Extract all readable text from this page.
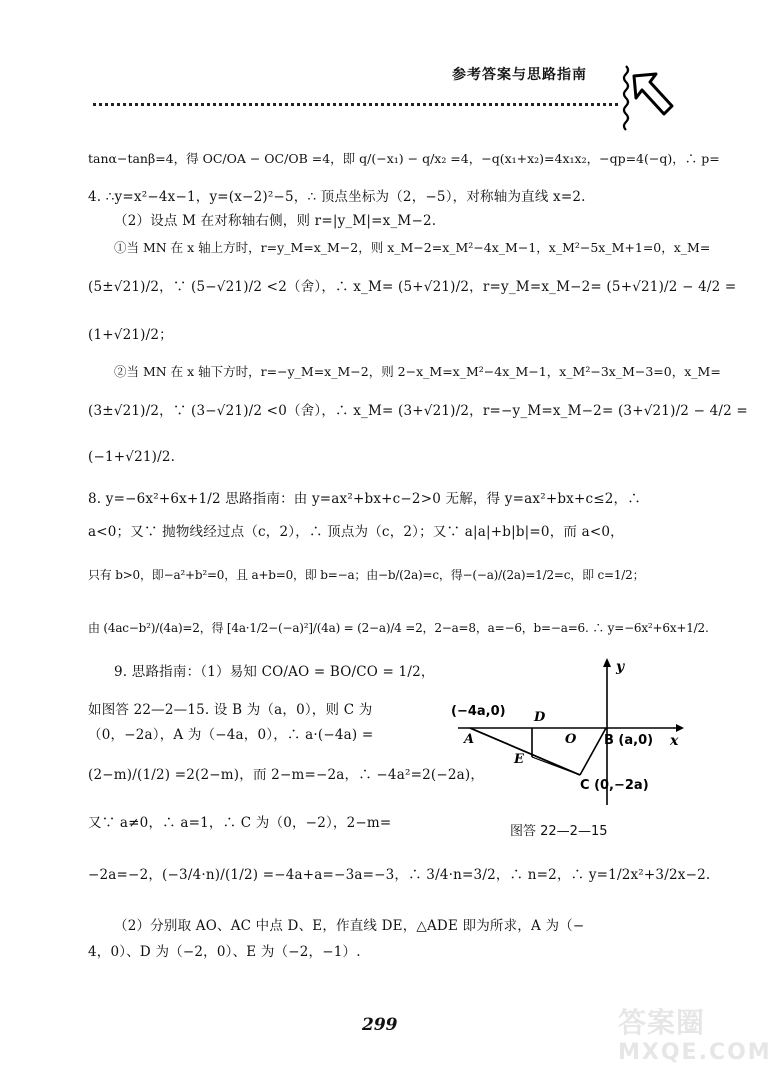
参考答案与思路指南
tanα−tanβ=4，得 OC/OA − OC/OB =4，即 q/(−x₁) − q/x₂ =4，−q(x₁+x₂)=4x₁x₂，−qp=4(−q)，∴ p=
4. ∴y=x²−4x−1，y=(x−2)²−5，∴ 顶点坐标为（2，−5），对称轴为直线 x=2.
（2）设点 M 在对称轴右侧，则 r=|y_M|=x_M−2.
①当 MN 在 x 轴上方时，r=y_M=x_M−2，则 x_M−2=x_M²−4x_M−1，x_M²−5x_M+1=0，x_M=
(5±√21)/2，∵ (5−√21)/2 <2（舍），∴ x_M= (5+√21)/2，r=y_M=x_M−2= (5+√21)/2 − 4/2 =
(1+√21)/2；
②当 MN 在 x 轴下方时，r=−y_M=x_M−2，则 2−x_M=x_M²−4x_M−1，x_M²−3x_M−3=0，x_M=
(3±√21)/2，∵ (3−√21)/2 <0（舍），∴ x_M= (3+√21)/2，r=−y_M=x_M−2= (3+√21)/2 − 4/2 =
(−1+√21)/2.
8. y=−6x²+6x+1/2 思路指南：由 y=ax²+bx+c−2>0 无解，得 y=ax²+bx+c≤2，∴
a<0；又∵ 抛物线经过点（c，2），∴ 顶点为（c，2）；又∵ a|a|+b|b|=0，而 a<0，
只有 b>0，即−a²+b²=0，且 a+b=0，即 b=−a；由−b/(2a)=c，得−(−a)/(2a)=1/2=c，即 c=1/2；
由 (4ac−b²)/(4a)=2，得 [4a·1/2−(−a)²]/(4a) = (2−a)/4 =2，2−a=8，a=−6，b=−a=6. ∴ y=−6x²+6x+1/2.
9. 思路指南：（1）易知 CO/AO = BO/CO = 1/2，
如图答 22—2—15. 设 B 为（a，0），则 C 为
（0，−2a），A 为（−4a，0），∴ a·(−4a) =
(2−m)/(1/2) =2(2−m)，而 2−m=−2a，∴ −4a²=2(−2a)，
又∵ a≠0，∴ a=1，∴ C 为（0，−2），2−m=
−2a=−2，(−3/4·n)/(1/2) =−4a+a=−3a=−3，∴ 3/4·n=3/2，∴ n=2，∴ y=1/2x²+3/2x−2.
（2）分别取 AO、AC 中点 D、E，作直线 DE，△ADE 即为所求，A 为（−
4，0）、D 为（−2，0）、E 为（−2，−1）.
y
x
(−4a,0)
A
D
O B (a,0)
E
C (0,−2a)
图答 22—2—15
299	答案圈
MXQE.COM
